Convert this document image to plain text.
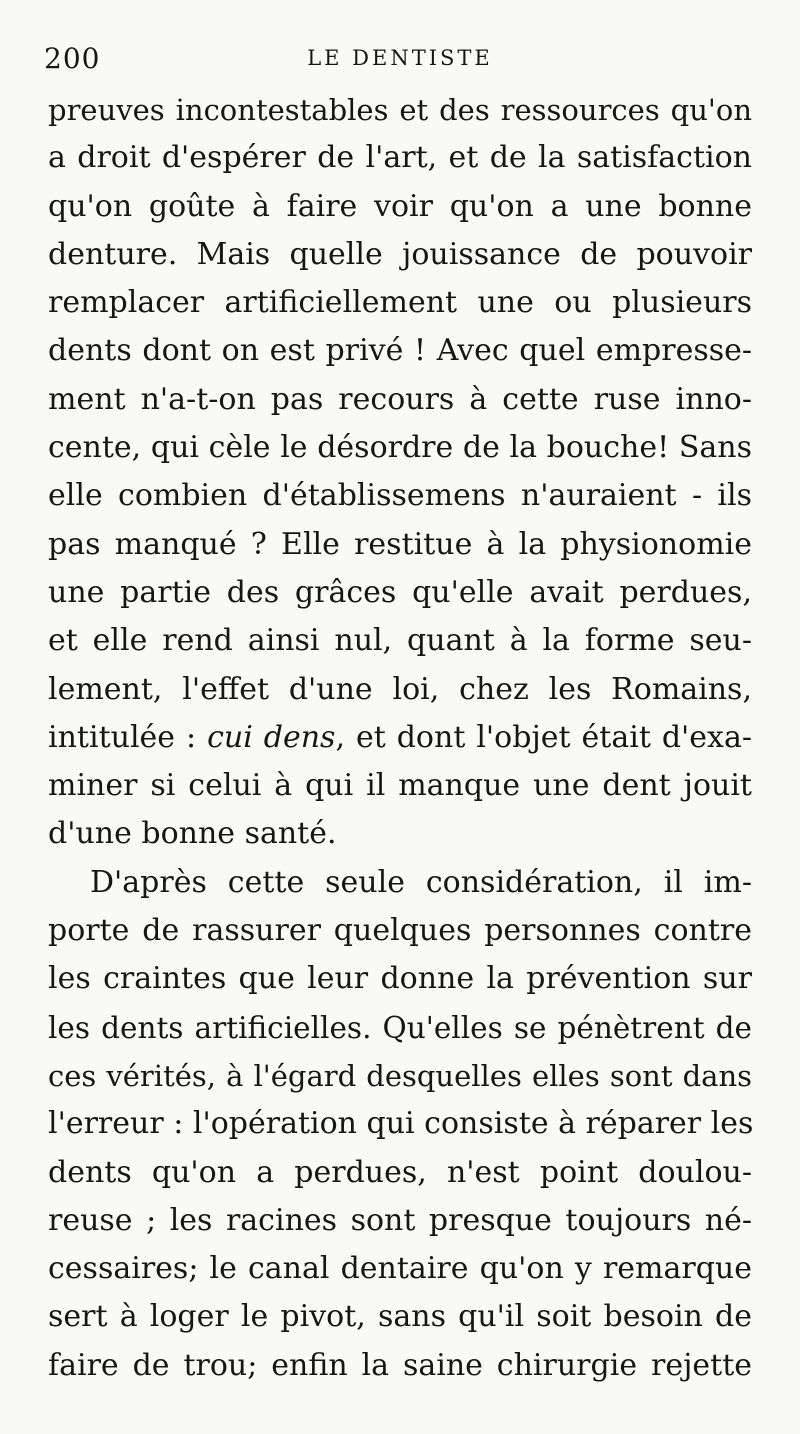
200	LE DENTISTE
preuves incontestables et des ressources qu'on
a droit d'espérer de l'art, et de la satisfaction
qu'on goûte à faire voir qu'on a une bonne
denture. Mais quelle jouissance de pouvoir
remplacer artificiellement une ou plusieurs
dents dont on est privé ! Avec quel empresse-
ment n'a-t-on pas recours à cette ruse inno-
cente, qui cèle le désordre de la bouche! Sans
elle combien d'établissemens n'auraient - ils
pas manqué ? Elle restitue à la physionomie
une partie des grâces qu'elle avait perdues,
et elle rend ainsi nul, quant à la forme seu-
lement, l'effet d'une loi, chez les Romains,
intitulée : cui dens, et dont l'objet était d'exa-
miner si celui à qui il manque une dent jouit
d'une bonne santé.
D'après cette seule considération, il im-
porte de rassurer quelques personnes contre
les craintes que leur donne la prévention sur
les dents artificielles. Qu'elles se pénètrent de
ces vérités, à l'égard desquelles elles sont dans
l'erreur : l'opération qui consiste à réparer les
dents qu'on a perdues, n'est point doulou-
reuse ; les racines sont presque toujours né-
cessaires; le canal dentaire qu'on y remarque
sert à loger le pivot, sans qu'il soit besoin de
faire de trou; enfin la saine chirurgie rejette
